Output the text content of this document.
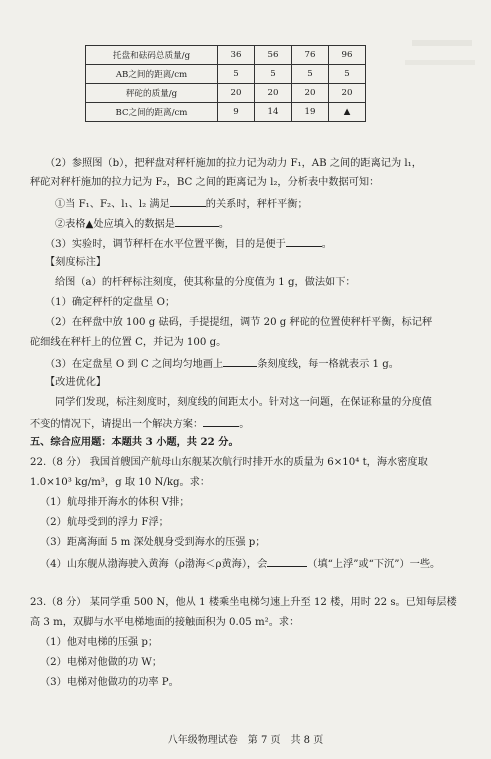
托盘和砝码总质量/g	36	56	76	96
AB之间的距离/cm	5	5	5	5
秤砣的质量/g	20	20	20	20
BC之间的距离/cm	9	14	19	▲
（2）参照图（b），把秤盘对秤杆施加的拉力记为动力 F₁，AB 之间的距离记为 l₁，
秤砣对秤杆施加的拉力记为 F₂，BC 之间的距离记为 l₂，分析表中数据可知：
①当 F₁、F₂、l₁、l₂ 满足	的关系时，秤杆平衡；
②表格▲处应填入的数据是	。
（3）实验时，调节秤杆在水平位置平衡，目的是便于	。
【刻度标注】
给图（a）的杆秤标注刻度，使其称量的分度值为 1 g，做法如下：
（1）确定秤杆的定盘星 O；
（2）在秤盘中放 100 g 砝码，手提提纽，调节 20 g 秤砣的位置使秤杆平衡，标记秤
砣细线在秤杆上的位置 C，并记为 100 g。
（3）在定盘星 O 到 C 之间均匀地画上	条刻度线，每一格就表示 1 g。
【改进优化】
同学们发现，标注刻度时，刻度线的间距太小。针对这一问题，在保证称量的分度值
不变的情况下，请提出一个解决方案：	。
五、综合应用题：本题共 3 小题，共 22 分。
22.（8 分） 我国首艘国产航母山东舰某次航行时排开水的质量为 6×10⁴ t，海水密度取
1.0×10³ kg/m³，g 取 10 N/kg。求：
（1）航母排开海水的体积 V排；
（2）航母受到的浮力 F浮；
（3）距离海面 5 m 深处舰身受到海水的压强 p；
（4）山东舰从渤海驶入黄海（ρ渤海＜ρ黄海），会	（填“上浮”或“下沉”）一些。
23.（8 分） 某同学重 500 N，他从 1 楼乘坐电梯匀速上升至 12 楼，用时 22 s。已知每层楼
高 3 m，双脚与水平电梯地面的接触面积为 0.05 m²。求：
（1）他对电梯的压强 p；
（2）电梯对他做的功 W；
（3）电梯对他做功的功率 P。
八年级物理试卷　第 7 页　共 8 页
